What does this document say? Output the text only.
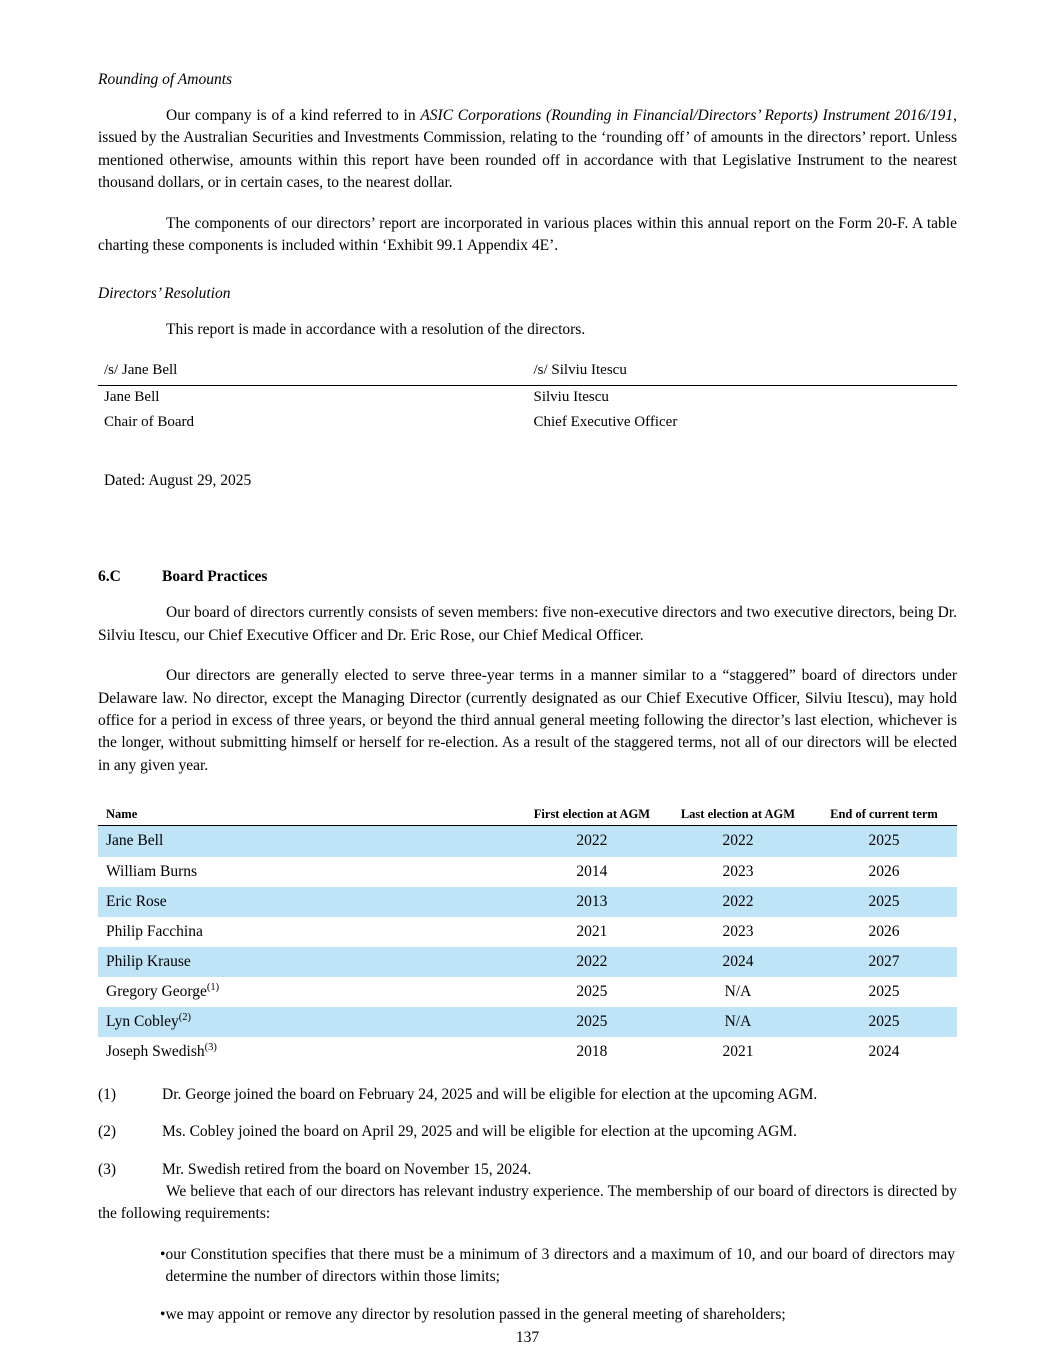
Rounding of Amounts

Our company is of a kind referred to in ASIC Corporations (Rounding in Financial/Directors’ Reports) Instrument 2016/191, issued by the Australian Securities and Investments Commission, relating to the ‘rounding off’ of amounts in the directors’ report. Unless mentioned otherwise, amounts within this report have been rounded off in accordance with that Legislative Instrument to the nearest thousand dollars, or in certain cases, to the nearest dollar.

The components of our directors’ report are incorporated in various places within this annual report on the Form 20-F. A table charting these components is included within ‘Exhibit 99.1 Appendix 4E’.

Directors’ Resolution

This report is made in accordance with a resolution of the directors.

/s/ Jane Bell	/s/ Silviu Itescu
Jane Bell	Silviu Itescu
Chair of Board	Chief Executive Officer
Dated: August 29, 2025
6.C	Board Practices

Our board of directors currently consists of seven members: five non-executive directors and two executive directors, being Dr. Silviu Itescu, our Chief Executive Officer and Dr. Eric Rose, our Chief Medical Officer.

Our directors are generally elected to serve three-year terms in a manner similar to a “staggered” board of directors under Delaware law. No director, except the Managing Director (currently designated as our Chief Executive Officer, Silviu Itescu), may hold office for a period in excess of three years, or beyond the third annual general meeting following the director’s last election, whichever is the longer, without submitting himself or herself for re-election. As a result of the staggered terms, not all of our directors will be elected in any given year.

Name	First election at AGM	Last election at AGM	End of current term
Jane Bell	2022	2022	2025
William Burns	2014	2023	2026
Eric Rose	2013	2022	2025
Philip Facchina	2021	2023	2026
Philip Krause	2022	2024	2027
Gregory George$^{(1)}$	2025	N/A	2025
Lyn Cobley$^{(2)}$	2025	N/A	2025
Joseph Swedish$^{(3)}$	2018	2021	2024
(1)	Dr. George joined the board on February 24, 2025 and will be eligible for election at the upcoming AGM.
(2)	Ms. Cobley joined the board on April 29, 2025 and will be eligible for election at the upcoming AGM.
(3)	Mr. Swedish retired from the board on November 15, 2024.

We believe that each of our directors has relevant industry experience. The membership of our board of directors is directed by the following requirements:

• our Constitution specifies that there must be a minimum of 3 directors and a maximum of 10, and our board of directors may determine the number of directors within those limits;
• we may appoint or remove any director by resolution passed in the general meeting of shareholders;
137
